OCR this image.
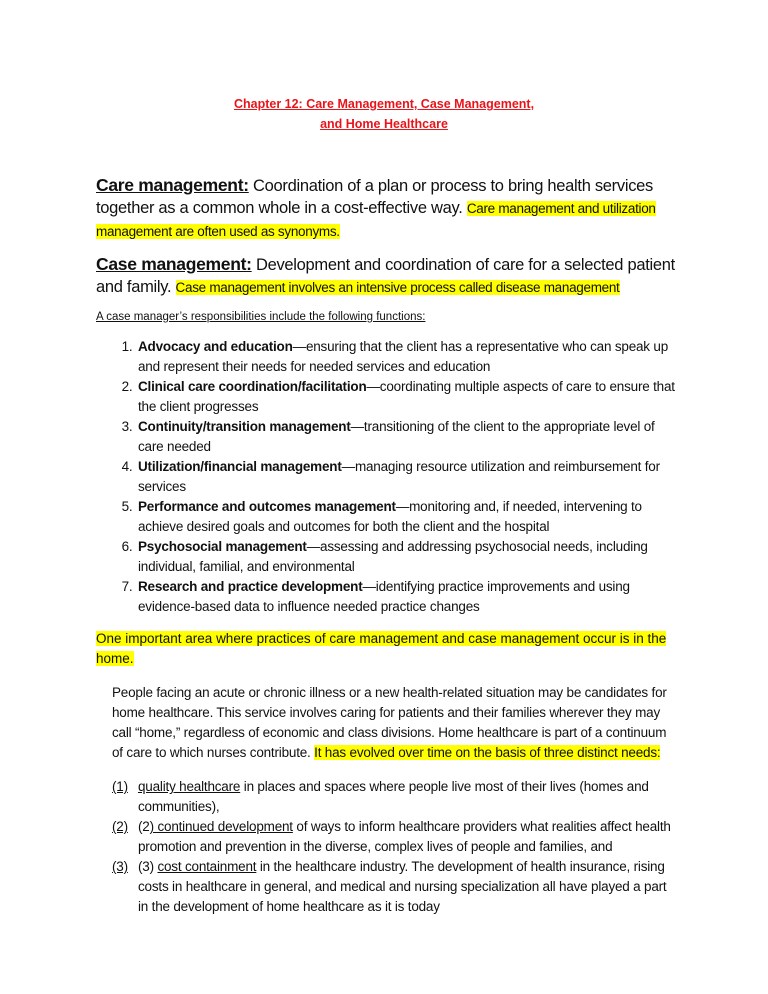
Chapter 12: Care Management, Case Management,
and Home Healthcare
Care management: Coordination of a plan or process to bring health services together as a common whole in a cost-effective way. Care management and utilization management are often used as synonyms.
Case management: Development and coordination of care for a selected patient and family. Case management involves an intensive process called disease management
A case manager’s responsibilities include the following functions:
1. Advocacy and education—ensuring that the client has a representative who can speak up and represent their needs for needed services and education
2. Clinical care coordination/facilitation—coordinating multiple aspects of care to ensure that the client progresses
3. Continuity/transition management—transitioning of the client to the appropriate level of care needed
4. Utilization/financial management—managing resource utilization and reimbursement for services
5. Performance and outcomes management—monitoring and, if needed, intervening to achieve desired goals and outcomes for both the client and the hospital
6. Psychosocial management—assessing and addressing psychosocial needs, including individual, familial, and environmental
7. Research and practice development—identifying practice improvements and using evidence-based data to influence needed practice changes
One important area where practices of care management and case management occur is in the home.
People facing an acute or chronic illness or a new health-related situation may be candidates for home healthcare. This service involves caring for patients and their families wherever they may call “home,” regardless of economic and class divisions. Home healthcare is part of a continuum of care to which nurses contribute. It has evolved over time on the basis of three distinct needs:
(1) quality healthcare in places and spaces where people live most of their lives (homes and communities),
(2) (2) continued development of ways to inform healthcare providers what realities affect health promotion and prevention in the diverse, complex lives of people and families, and
(3) (3) cost containment in the healthcare industry. The development of health insurance, rising costs in healthcare in general, and medical and nursing specialization all have played a part in the development of home healthcare as it is today
